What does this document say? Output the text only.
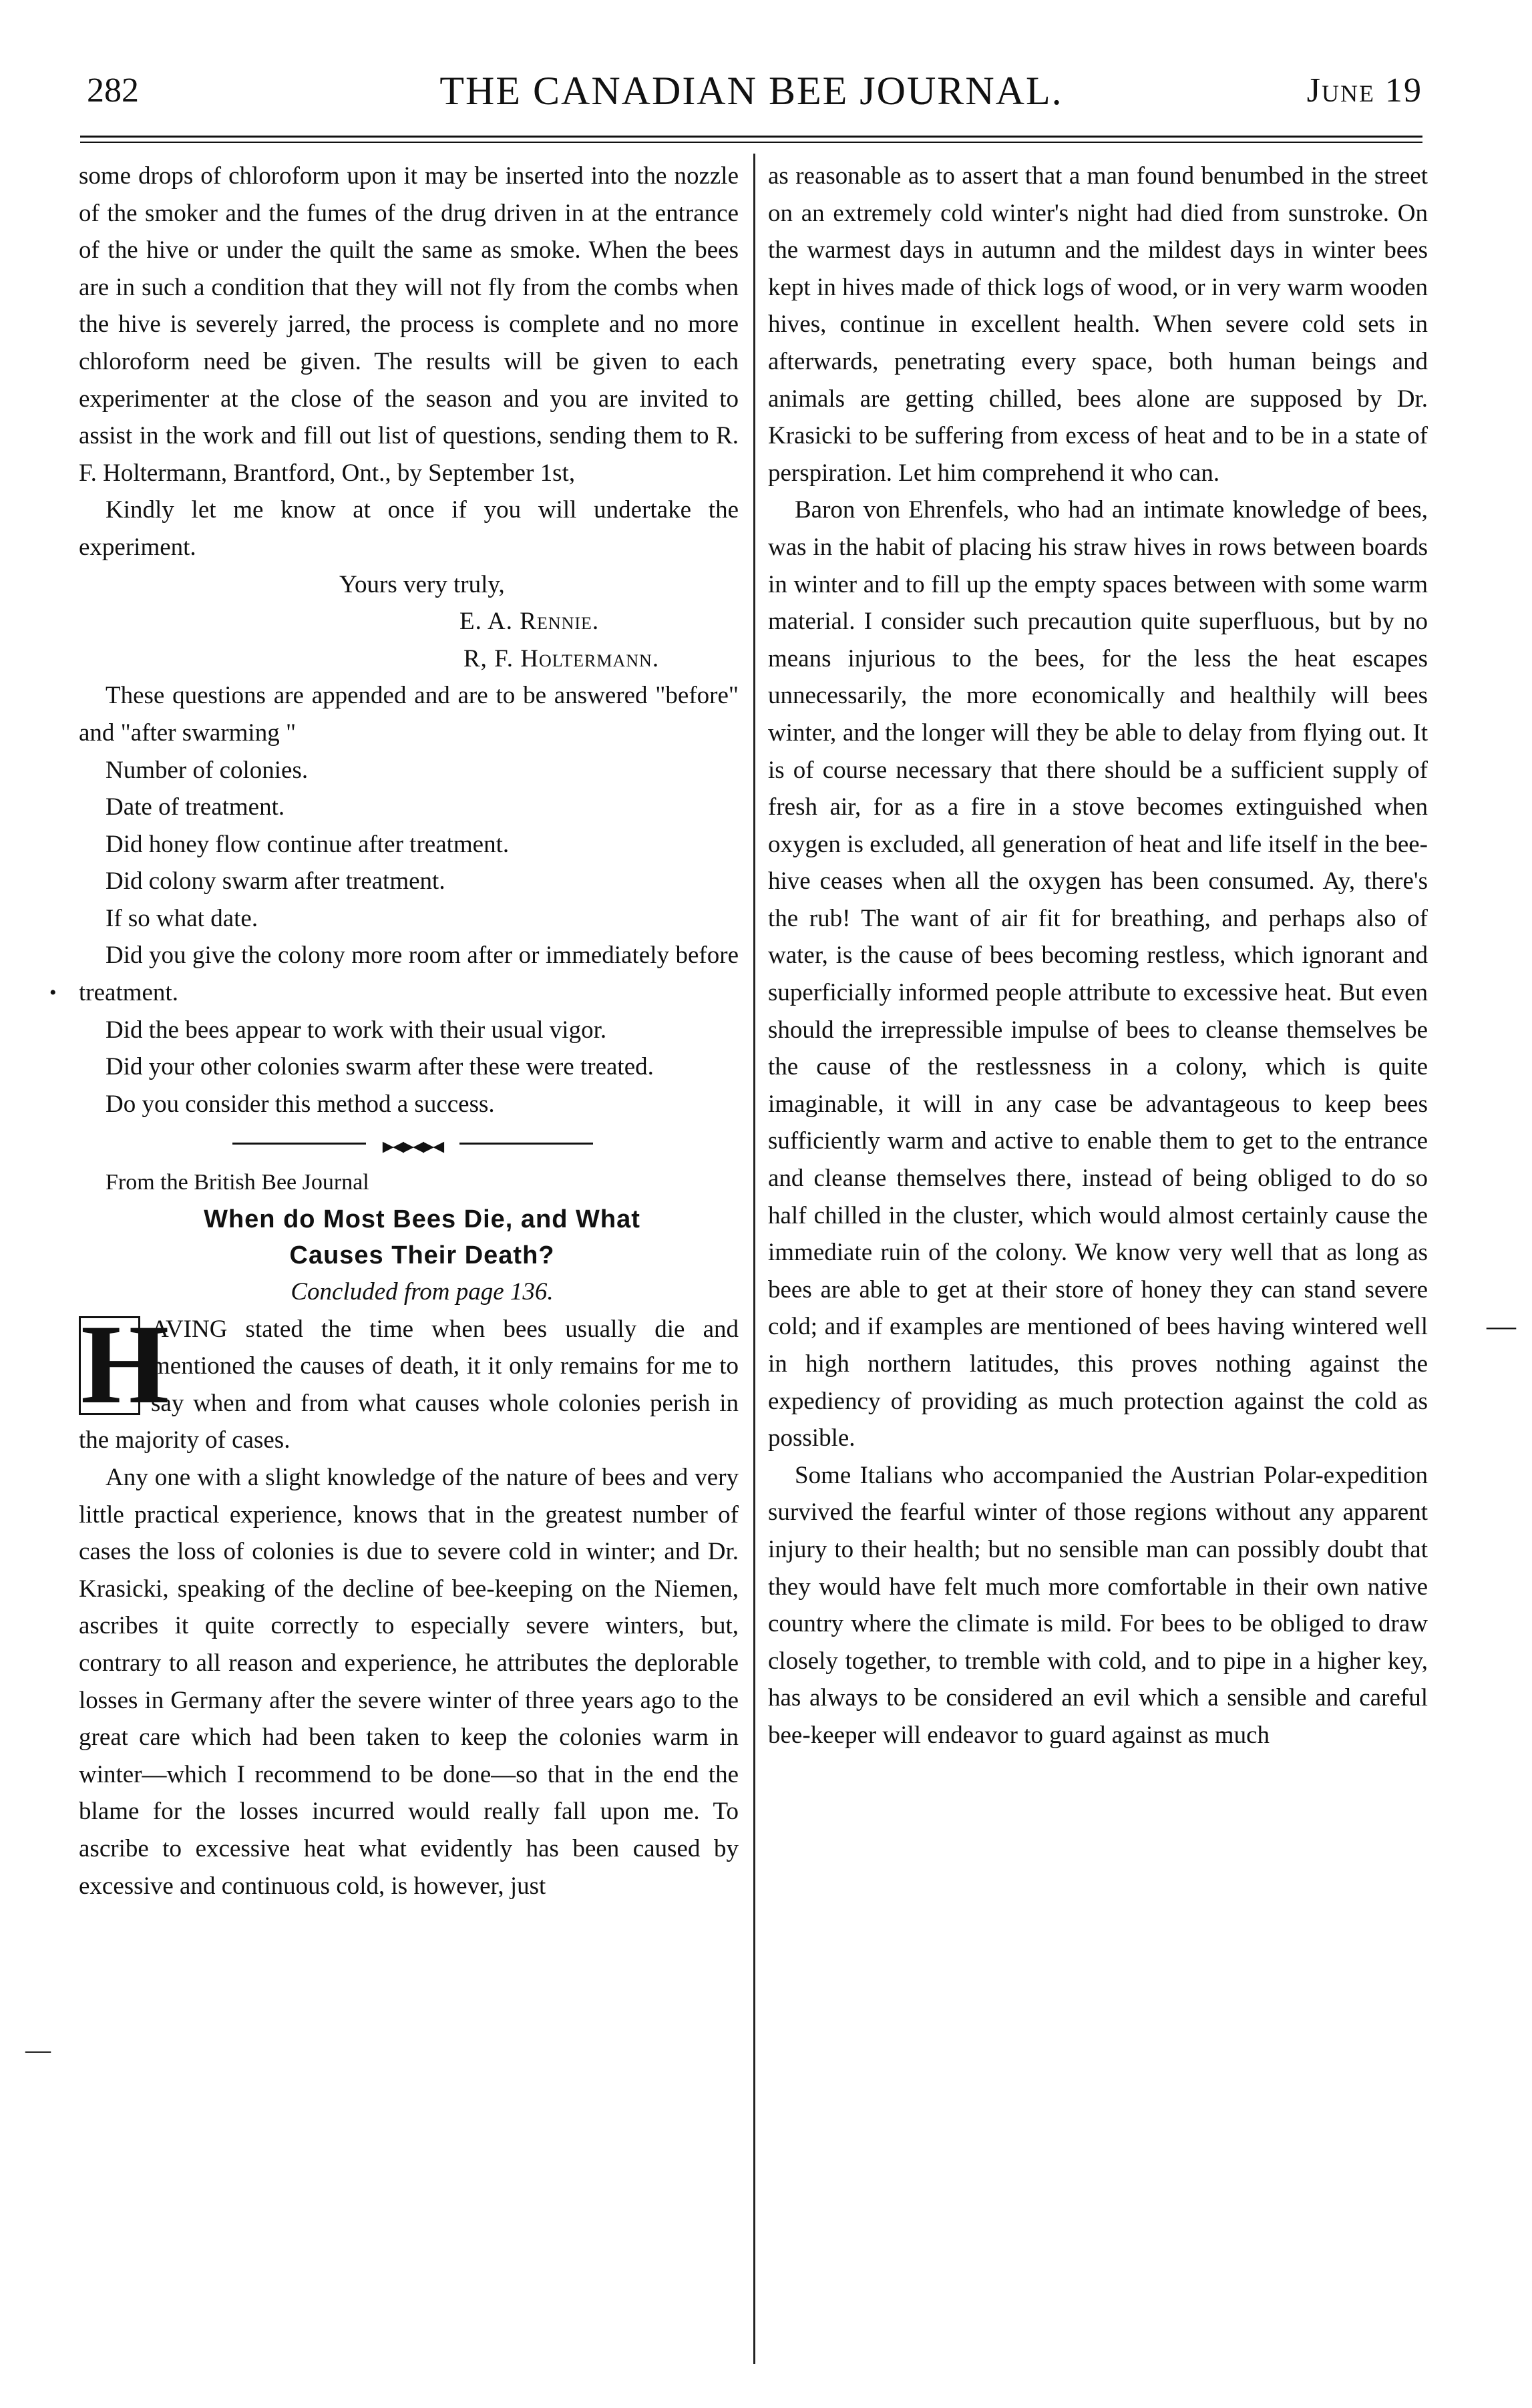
282	THE CANADIAN BEE JOURNAL.	June 19

some drops of chloroform upon it may be inserted into the nozzle of the smoker and the fumes of the drug driven in at the entrance of the hive or under the quilt the same as smoke. When the bees are in such a condition that they will not fly from the combs when the hive is severely jarred, the process is complete and no more chloroform need be given. The results will be given to each experimenter at the close of the season and you are invited to assist in the work and fill out list of questions, sending them to R. F. Holtermann, Brantford, Ont., by September 1st,

Kindly let me know at once if you will undertake the experiment.

Yours very truly,

E. A. Rennie.

R, F. Holtermann.

These questions are appended and are to be answered "before" and "after swarming "

Number of colonies.

Date of treatment.

Did honey flow continue after treatment.

Did colony swarm after treatment.

If so what date.

Did you give the colony more room after or immediately before treatment.

Did the bees appear to work with their usual vigor.

Did your other colonies swarm after these were treated.

Do you consider this method a success.

▸◂▸◂▸◂

From the British Bee Journal

When do Most Bees Die, and What

Causes Their Death?

Concluded from page 136.

H
AVING stated the time when bees usually die and mentioned the causes of death, it it only remains for me to say when and from what causes whole colonies perish in the majority of cases.

Any one with a slight knowledge of the nature of bees and very little practical experience, knows that in the greatest number of cases the loss of colonies is due to severe cold in winter; and Dr. Krasicki, speaking of the decline of bee-keeping on the Niemen, ascribes it quite correctly to especially severe winters, but, contrary to all reason and experience, he attributes the deplorable losses in Germany after the severe winter of three years ago to the great care which had been taken to keep the colonies warm in winter—which I recommend to be done—so that in the end the blame for the losses incurred would really fall upon me. To ascribe to excessive heat what evidently has been caused by excessive and continuous cold, is however, just

as reasonable as to assert that a man found benumbed in the street on an extremely cold winter's night had died from sunstroke. On the warmest days in autumn and the mildest days in winter bees kept in hives made of thick logs of wood, or in very warm wooden hives, continue in excellent health. When severe cold sets in afterwards, penetrating every space, both human beings and animals are getting chilled, bees alone are supposed by Dr. Krasicki to be suffering from excess of heat and to be in a state of perspiration. Let him comprehend it who can.

Baron von Ehrenfels, who had an intimate knowledge of bees, was in the habit of placing his straw hives in rows between boards in winter and to fill up the empty spaces between with some warm material. I consider such precaution quite superfluous, but by no means injurious to the bees, for the less the heat escapes unnecessarily, the more economically and healthily will bees winter, and the longer will they be able to delay from flying out. It is of course necessary that there should be a sufficient supply of fresh air, for as a fire in a stove becomes extinguished when oxygen is excluded, all generation of heat and life itself in the bee-hive ceases when all the oxygen has been consumed. Ay, there's the rub! The want of air fit for breathing, and perhaps also of water, is the cause of bees becoming restless, which ignorant and superficially informed people attribute to excessive heat. But even should the irrepressible impulse of bees to cleanse themselves be the cause of the restlessness in a colony, which is quite imaginable, it will in any case be advantageous to keep bees sufficiently warm and active to enable them to get to the entrance and cleanse themselves there, instead of being obliged to do so half chilled in the cluster, which would almost certainly cause the immediate ruin of the colony. We know very well that as long as bees are able to get at their store of honey they can stand severe cold; and if examples are mentioned of bees having wintered well in high northern latitudes, this proves nothing against the expediency of providing as much protection against the cold as possible.

Some Italians who accompanied the Austrian Polar-expedition survived the fearful winter of those regions without any apparent injury to their health; but no sensible man can possibly doubt that they would have felt much more comfortable in their own native country where the climate is mild. For bees to be obliged to draw closely together, to tremble with cold, and to pipe in a higher key, has always to be considered an evil which a sensible and careful bee-keeper will endeavor to guard against as much

—
•
—
